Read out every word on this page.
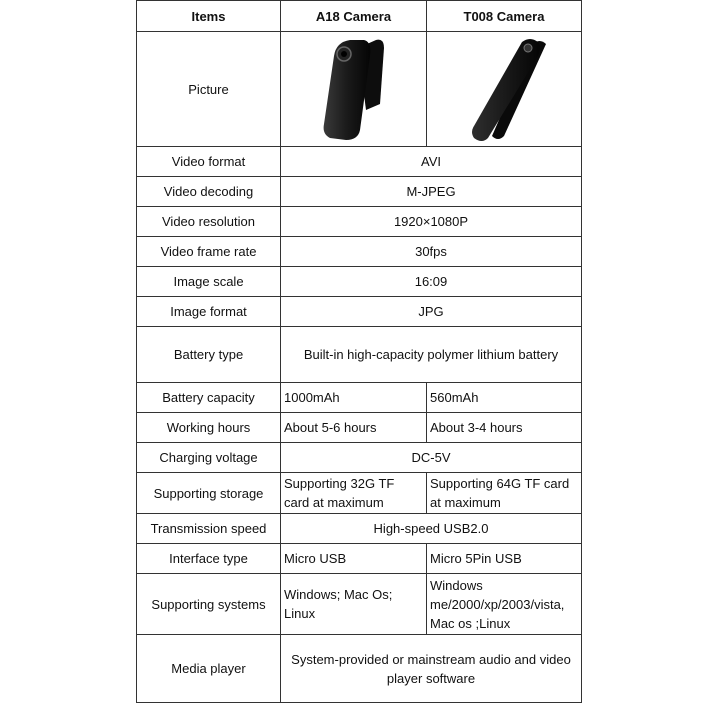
Items	A18 Camera	T008 Camera
Picture	

Video format	AVI	
Video decoding	M-JPEG	
Video resolution	1920×1080P	
Video frame rate	30fps	
Image scale	16:09	
Image format	JPG	
Battery type	Built-in high-capacity polymer lithium battery	
Battery capacity	1000mAh	560mAh
Working hours	About 5-6 hours	About 3-4 hours
Charging voltage	DC-5V	
Supporting storage	Supporting 32G TF card at maximum	Supporting 64G TF card at maximum
Transmission speed	High-speed USB2.0	
Interface type	Micro USB	Micro 5Pin USB
Supporting systems	Windows; Mac Os; Linux	Windows me/2000/xp/2003/vista, Mac os ;Linux
Media player	System-provided or mainstream audio and video player software	
